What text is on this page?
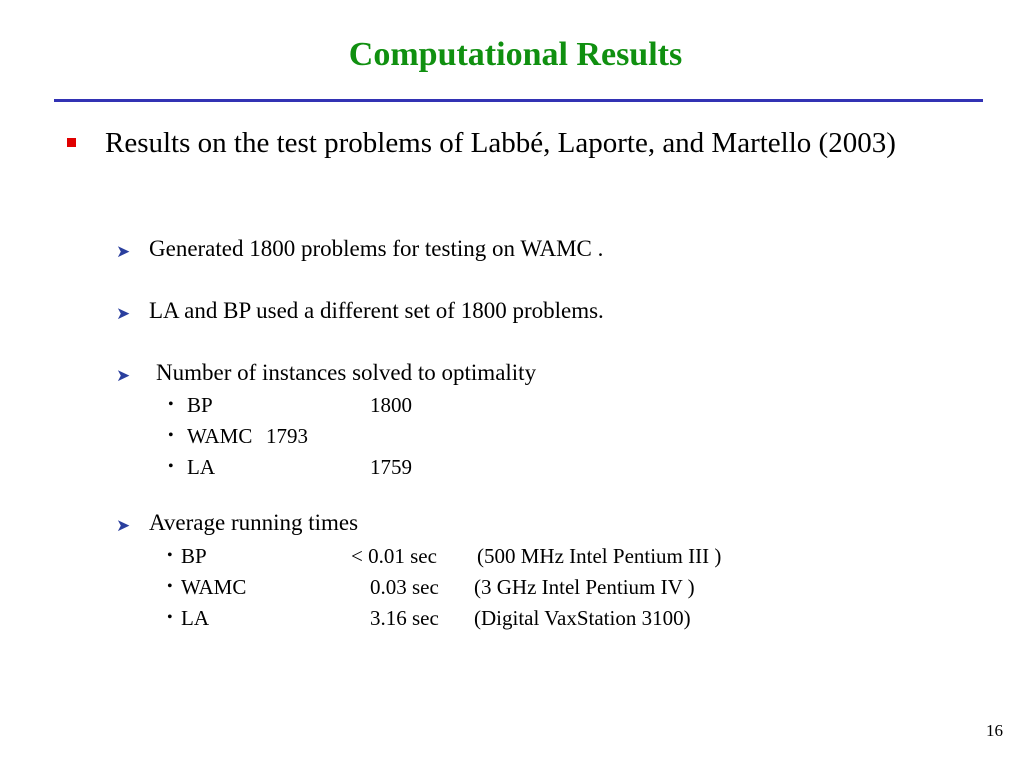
Computational Results
Results on the test problems of Labbé, Laporte, and Martello (2003)
➤ Generated 1800 problems for testing on WAMC .
➤ LA and BP used a different set of 1800 problems.
➤ Number of instances solved to optimality
• BP	1800
• WAMC 1793
• LA	1759
➤ Average running times
• BP	< 0.01 sec (500 MHz Intel Pentium III )
• WAMC	0.03 sec (3 GHz Intel Pentium IV )
• LA	3.16 sec (Digital VaxStation 3100)
16
